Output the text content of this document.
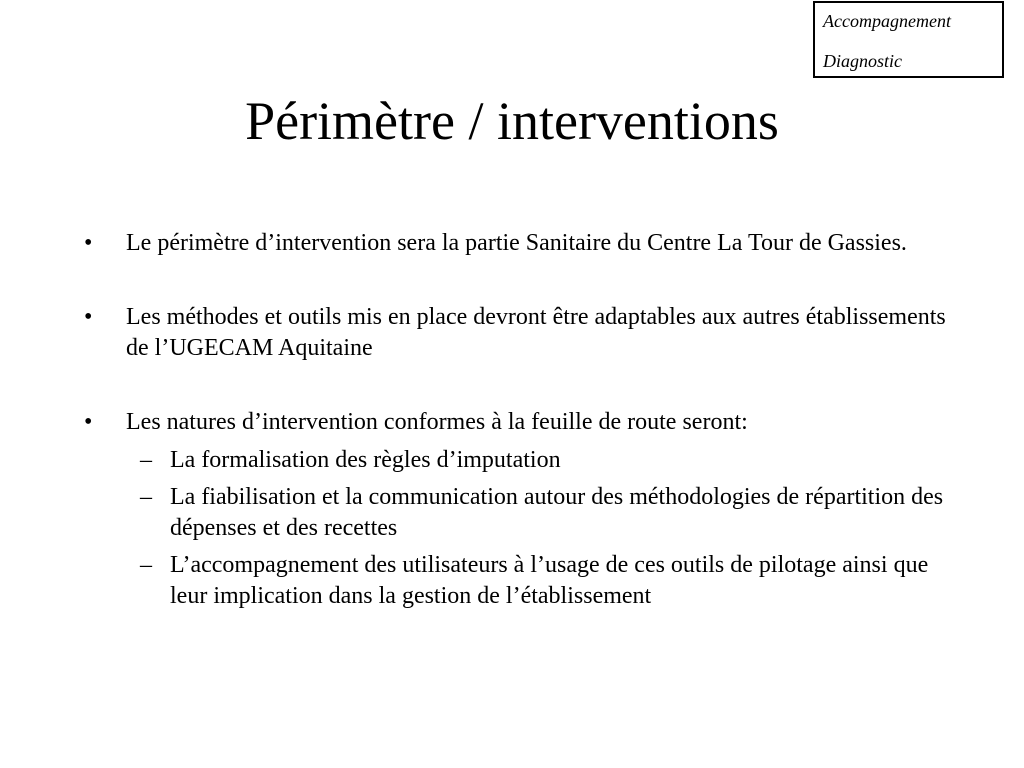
Accompagnement
Diagnostic
Périmètre / interventions
•	Le périmètre d’intervention sera la partie Sanitaire du Centre La Tour de Gassies.
•	Les méthodes et outils mis en place devront être adaptables aux autres établissements de l’UGECAM Aquitaine
•	Les natures d’intervention conformes à la feuille de route seront:
– La formalisation des règles d’imputation
– La fiabilisation et la communication autour des méthodologies de répartition des dépenses et des recettes
– L’accompagnement des utilisateurs à l’usage de ces outils de pilotage ainsi que leur implication dans la gestion de l’établissement
